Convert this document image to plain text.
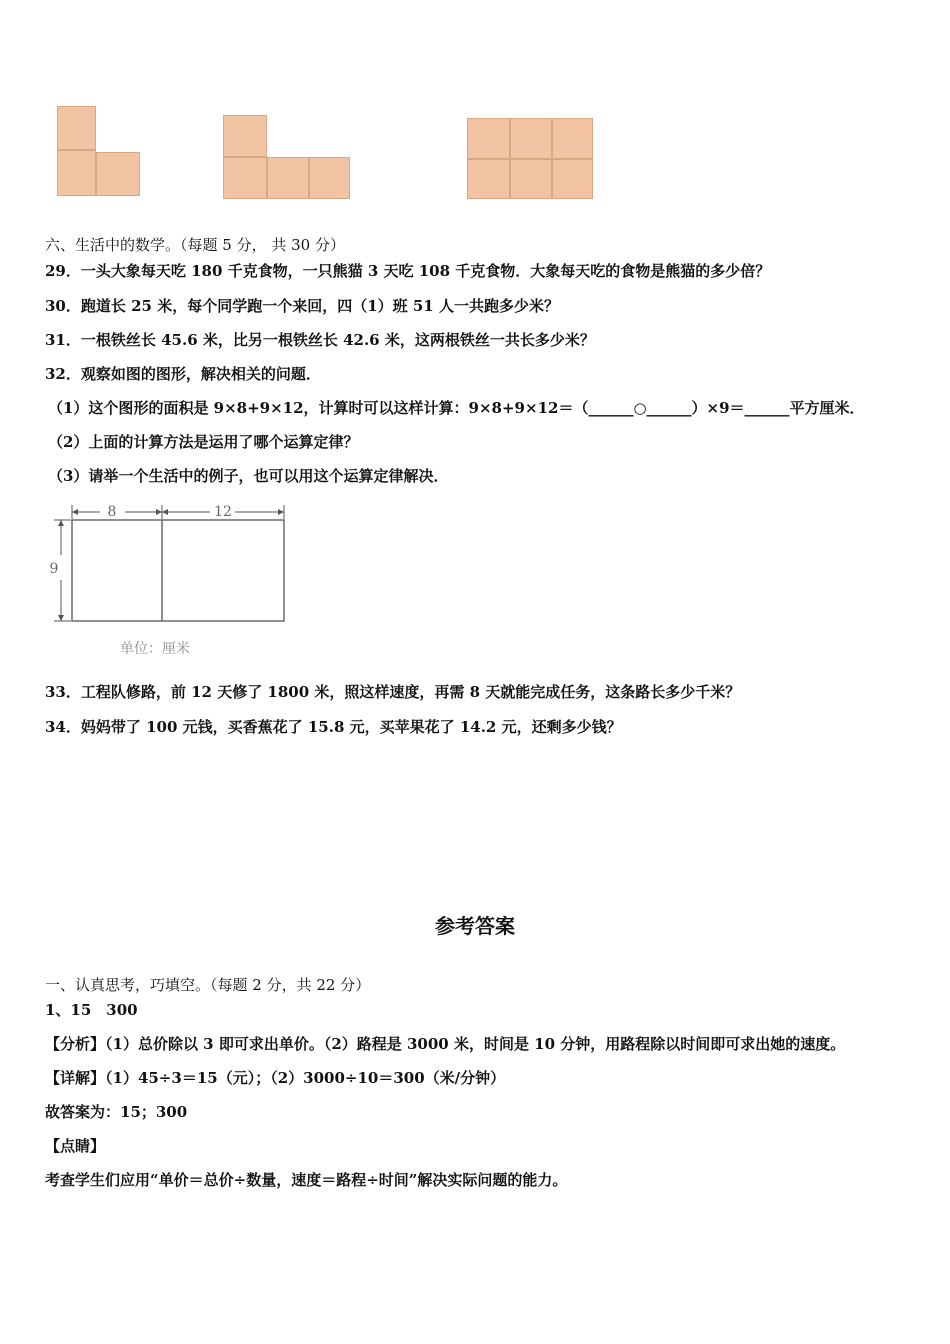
六、生活中的数学。（每题 5 分， 共 30 分）
29．一头大象每天吃 180 千克食物，一只熊猫 3 天吃 108 千克食物．大象每天吃的食物是熊猫的多少倍？
30．跑道长 25 米，每个同学跑一个来回，四（1）班 51 人一共跑多少米？
31．一根铁丝长 45.6 米，比另一根铁丝长 42.6 米，这两根铁丝一共长多少米？
32．观察如图的图形，解决相关的问题．
（1）这个图形的面积是 9×8+9×12，计算时可以这样计算：9×8+9×12＝（______○______）×9＝______平方厘米．
（2）上面的计算方法是运用了哪个运算定律？
（3）请举一个生活中的例子，也可以用这个运算定律解决．
8	12
9
单位：厘米
33．工程队修路，前 12 天修了 1800 米，照这样速度，再需 8 天就能完成任务，这条路长多少千米？
34．妈妈带了 100 元钱，买香蕉花了 15.8 元，买苹果花了 14.2 元，还剩多少钱？
参考答案
一、认真思考，巧填空。（每题 2 分，共 22 分）
1、15　300
【分析】（1）总价除以 3 即可求出单价。（2）路程是 3000 米，时间是 10 分钟，用路程除以时间即可求出她的速度。
【详解】（1）45÷3＝15（元）；（2）3000÷10＝300（米/分钟）
故答案为：15；300
【点睛】
考查学生们应用“单价＝总价÷数量，速度＝路程÷时间”解决实际问题的能力。
